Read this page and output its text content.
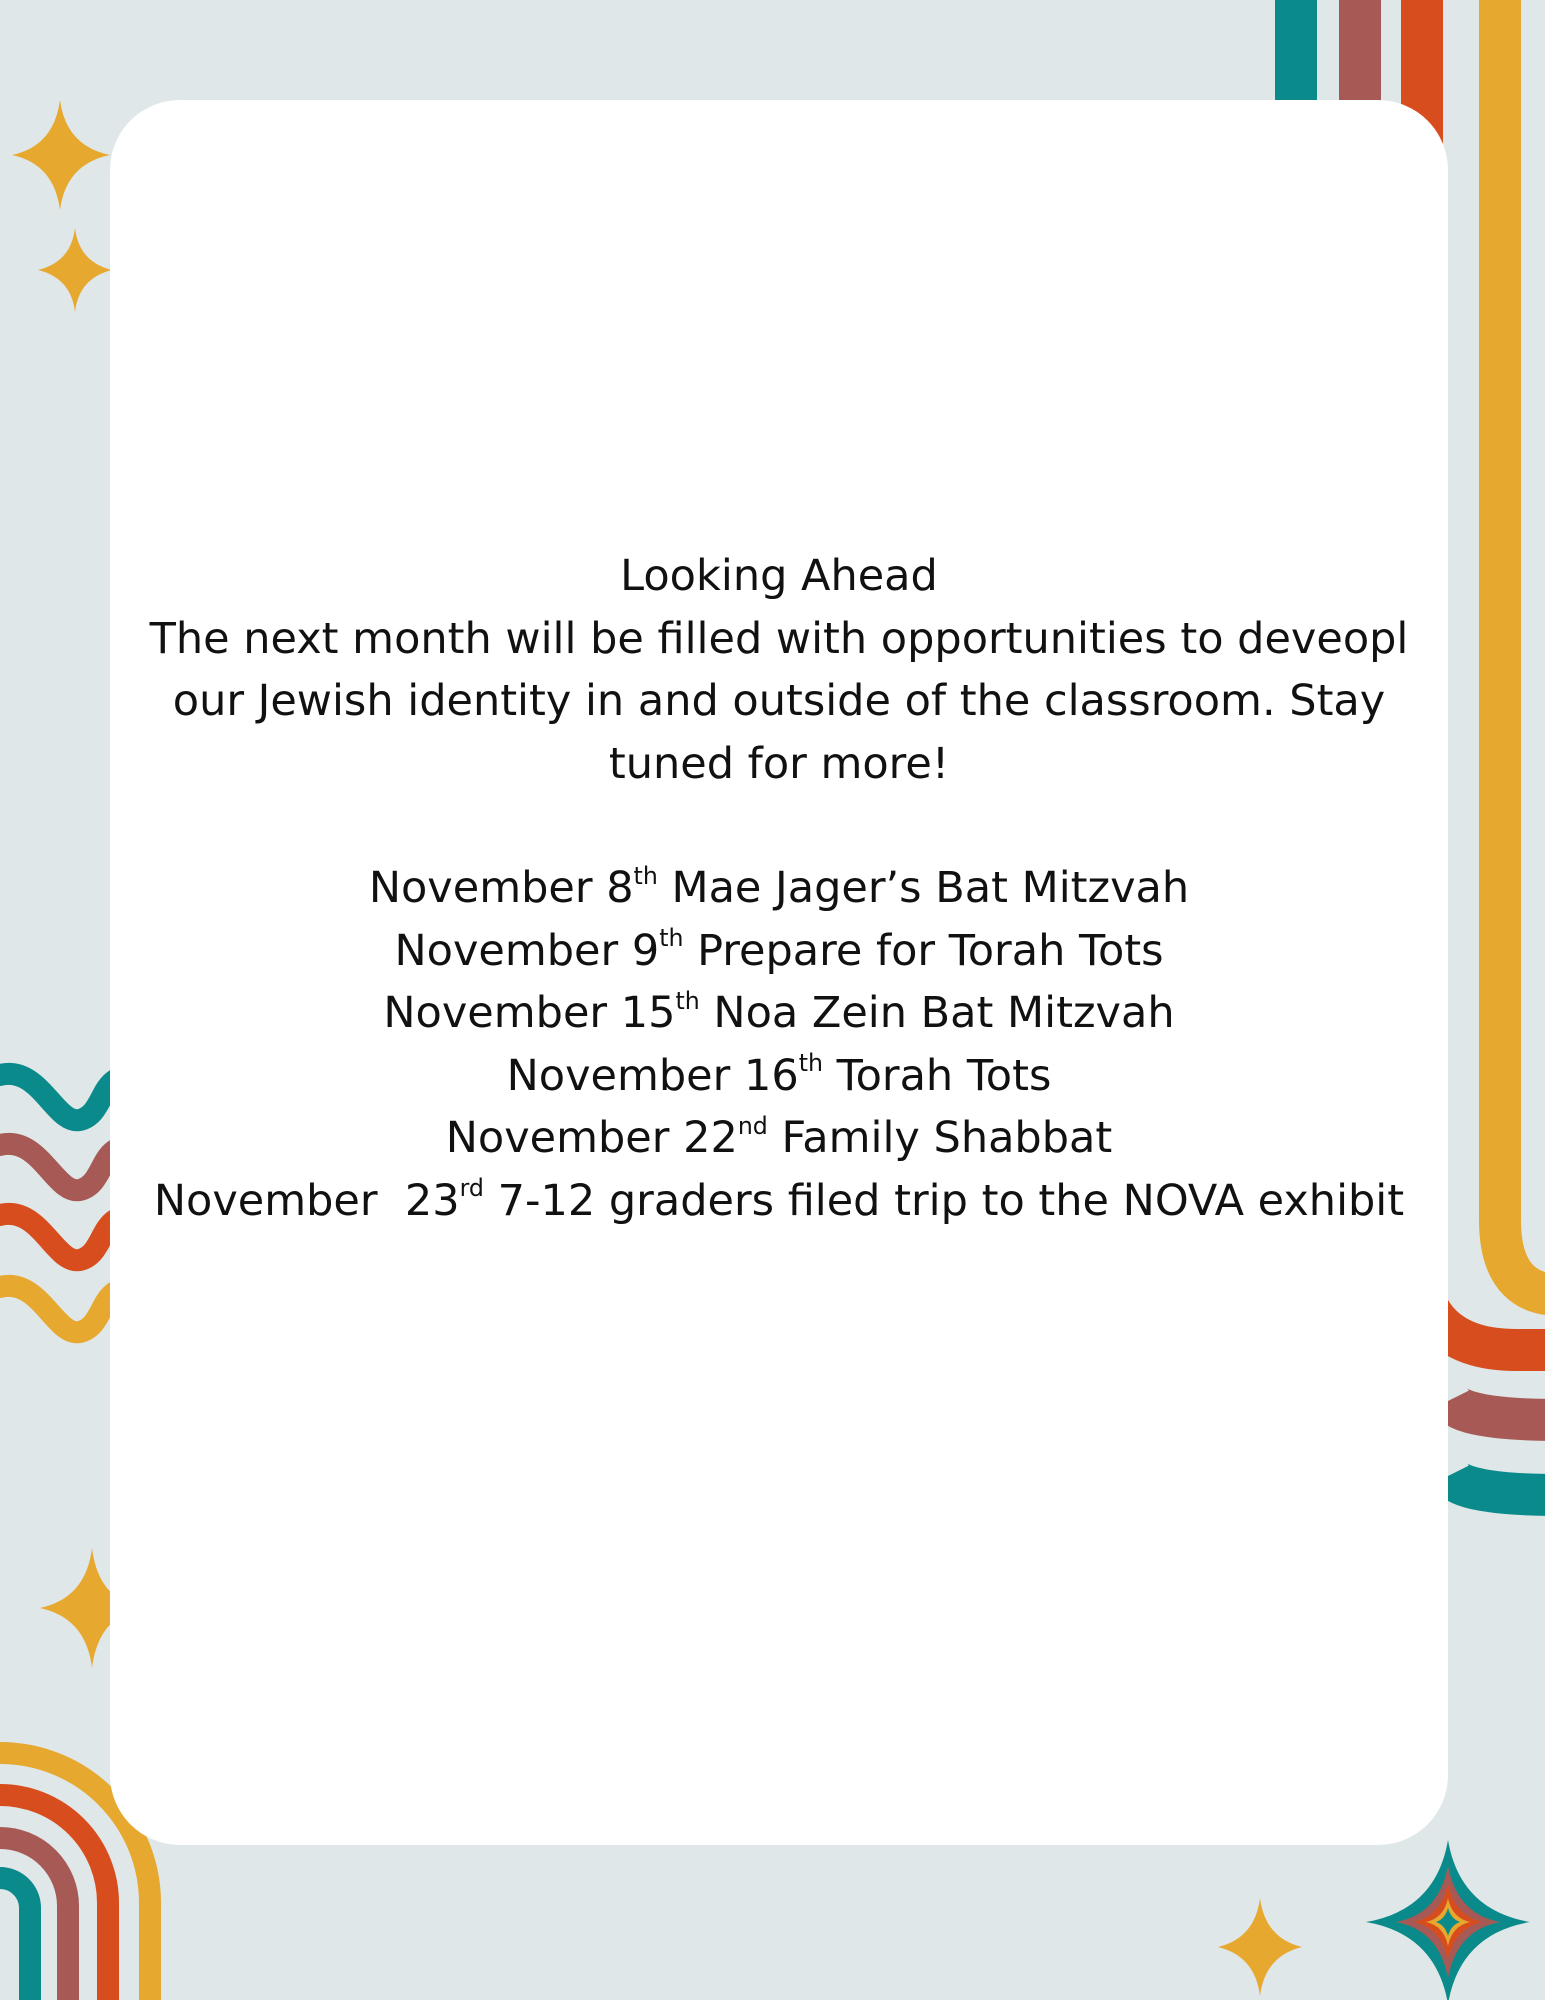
Looking Ahead

The next month will be filled with opportunities to deveopl

our Jewish identity in and outside of the classroom. Stay

tuned for more!

November 8th Mae Jager’s Bat Mitzvah

November 9th Prepare for Torah Tots

November 15th Noa Zein Bat Mitzvah

November 16th Torah Tots

November 22nd Family Shabbat

November  23rd 7-12 graders filed trip to the NOVA exhibit
